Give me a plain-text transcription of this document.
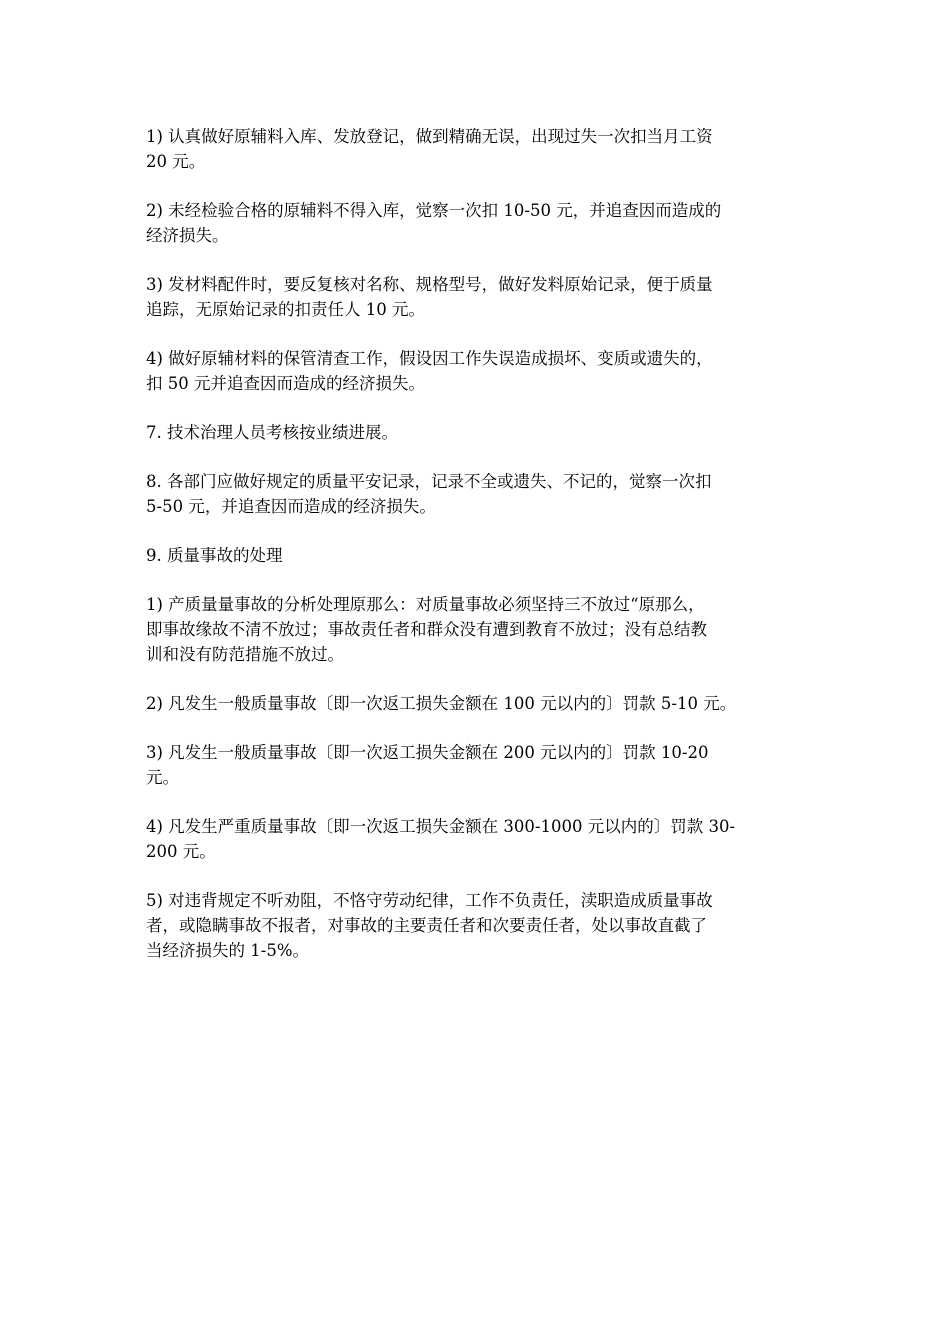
1) 认真做好原辅料入库、发放登记，做到精确无误，出现过失一次扣当月工资
20 元。

2) 未经检验合格的原辅料不得入库，觉察一次扣 10-50 元，并追查因而造成的
经济损失。

3) 发材料配件时，要反复核对名称、规格型号，做好发料原始记录，便于质量
追踪，无原始记录的扣责任人 10 元。

4) 做好原辅材料的保管清查工作，假设因工作失误造成损坏、变质或遗失的，
扣 50 元并追查因而造成的经济损失。

7. 技术治理人员考核按业绩进展。

8. 各部门应做好规定的质量平安记录，记录不全或遗失、不记的，觉察一次扣
5-50 元，并追查因而造成的经济损失。

9. 质量事故的处理

1) 产质量量事故的分析处理原那么：对质量事故必须坚持三不放过“原那么，
即事故缘故不清不放过；事故责任者和群众没有遭到教育不放过；没有总结教
训和没有防范措施不放过。

2) 凡发生一般质量事故〔即一次返工损失金额在 100 元以内的〕罚款 5-10 元。

3) 凡发生一般质量事故〔即一次返工损失金额在 200 元以内的〕罚款 10-20
元。

4) 凡发生严重质量事故〔即一次返工损失金额在 300-1000 元以内的〕罚款 30-
200 元。

5) 对违背规定不听劝阻，不恪守劳动纪律，工作不负责任，渎职造成质量事故
者，或隐瞒事故不报者，对事故的主要责任者和次要责任者，处以事故直截了
当经济损失的 1-5%。
